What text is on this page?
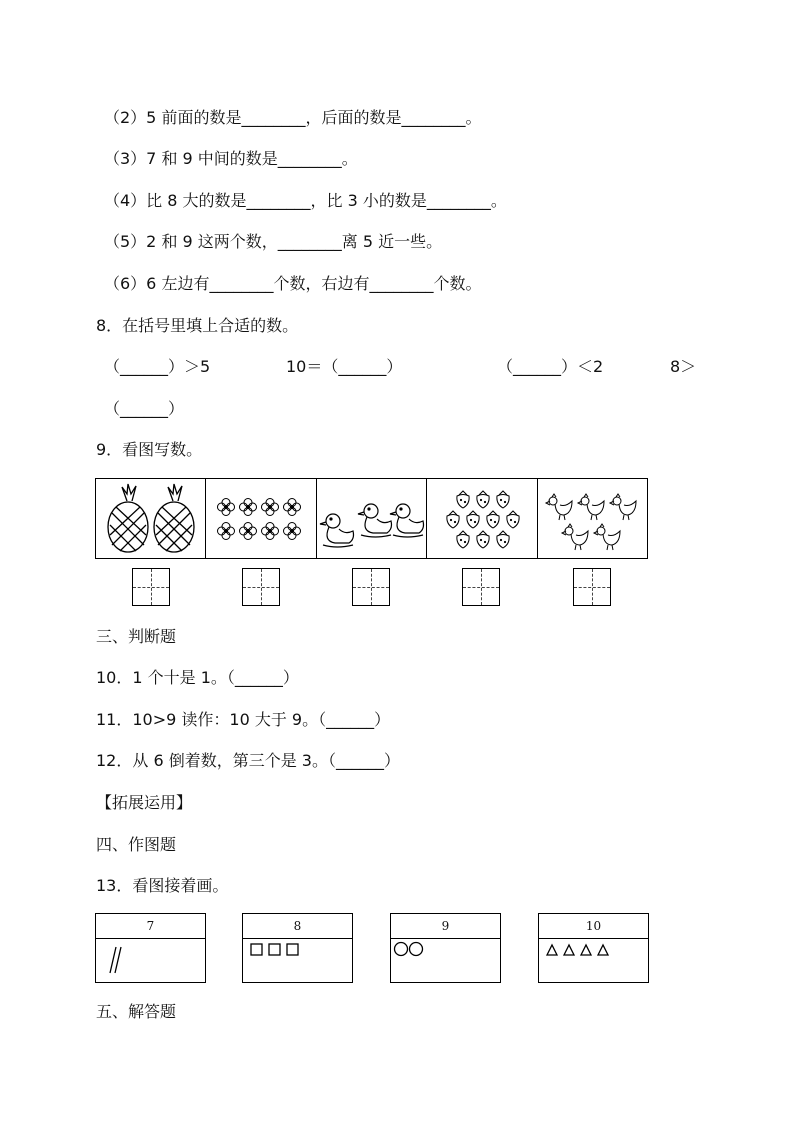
（2）5 前面的数是________，后面的数是________。
（3）7 和 9 中间的数是________。
（4）比 8 大的数是________，比 3 小的数是________。
（5）2 和 9 这两个数，________离 5 近一些。
（6）6 左边有________个数，右边有________个数。
8．在括号里填上合适的数。
（______）＞5	10＝（______）	（______）＜2	8＞
（______）
9．看图写数。
三、判断题
10．1 个十是 1。（______）
11．10>9 读作：10 大于 9。（______）
12．从 6 倒着数，第三个是 3。（______）
【拓展运用】
四、作图题
13．看图接着画。
7	8	9	10
五、解答题
